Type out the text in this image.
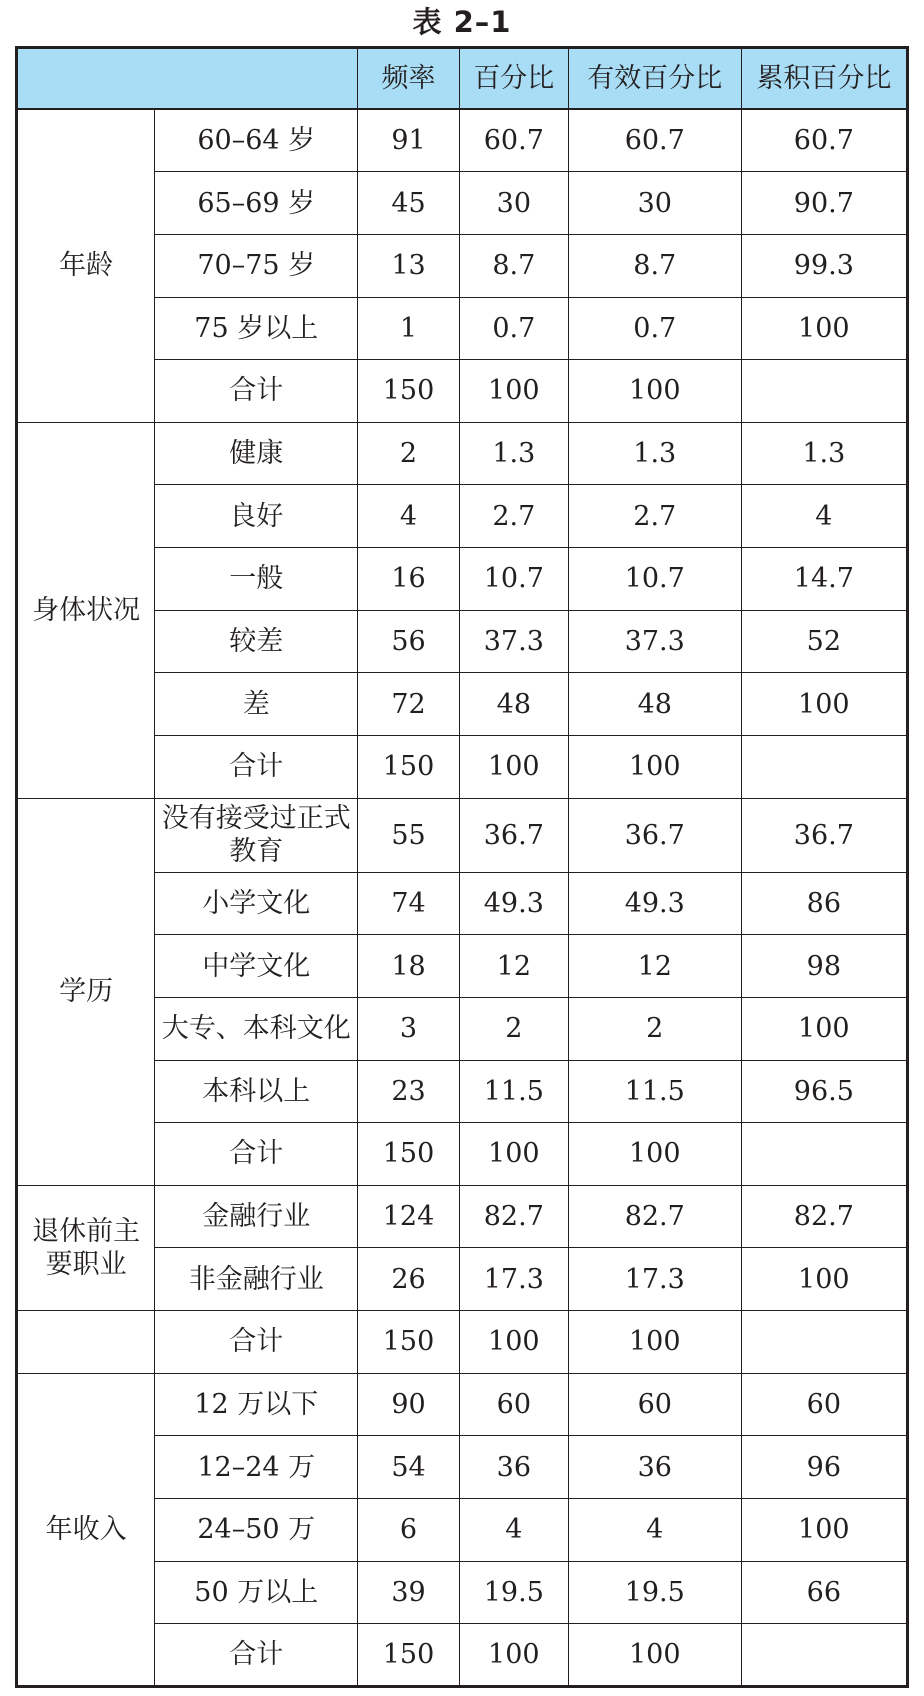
表 2–1
		频率	百分比	有效百分比	累积百分比
年龄	60–64 岁	91	60.7	60.7	60.7
	65–69 岁	45	30	30	90.7
	70–75 岁	13	8.7	8.7	99.3
	75 岁以上	1	0.7	0.7	100
	合计	150	100	100	
身体状况	健康	2	1.3	1.3	1.3
	良好	4	2.7	2.7	4
	一般	16	10.7	10.7	14.7
	较差	56	37.3	37.3	52
	差	72	48	48	100
	合计	150	100	100	
学历	没有接受过正式教育	55	36.7	36.7	36.7
	小学文化	74	49.3	49.3	86
	中学文化	18	12	12	98
	大专、本科文化	3	2	2	100
	本科以上	23	11.5	11.5	96.5
	合计	150	100	100	
退休前主要职业	金融行业	124	82.7	82.7	82.7
	非金融行业	26	17.3	17.3	100
	合计	150	100	100	
年收入	12 万以下	90	60	60	60
	12–24 万	54	36	36	96
	24–50 万	6	4	4	100
	50 万以上	39	19.5	19.5	66
	合计	150	100	100	
